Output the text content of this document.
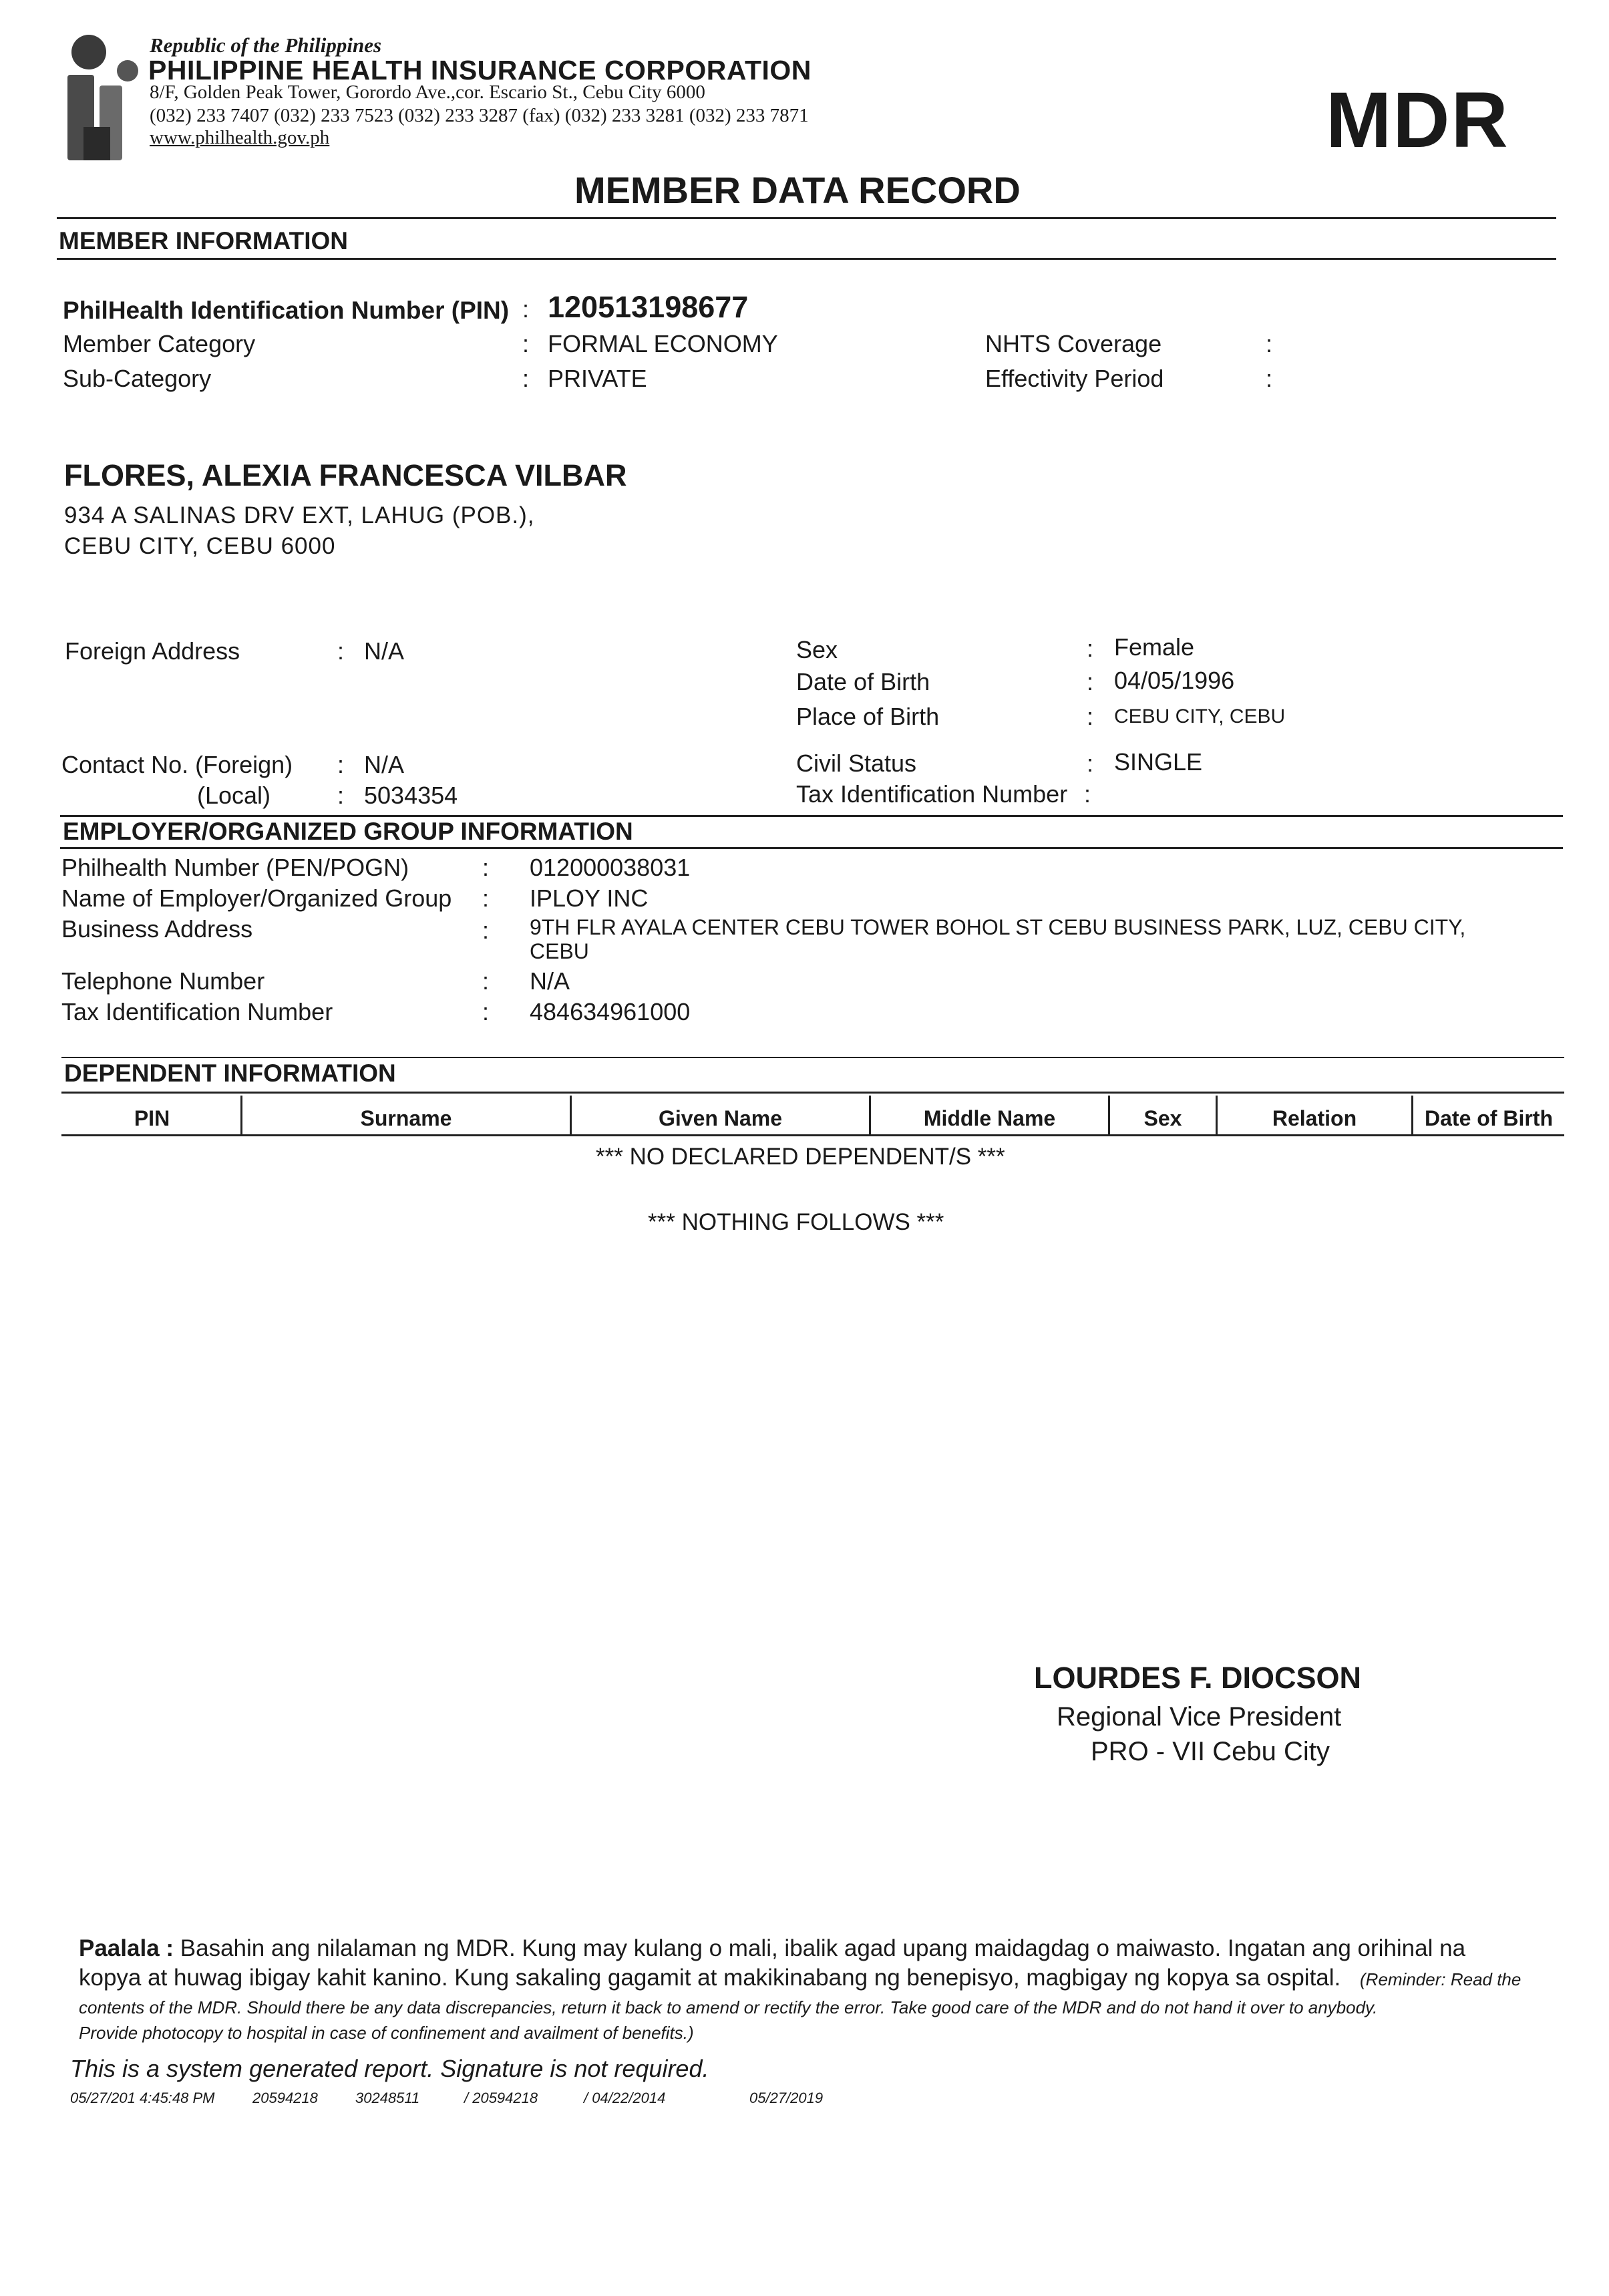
Republic of the Philippines
PHILIPPINE HEALTH INSURANCE CORPORATION
8/F, Golden Peak Tower, Gorordo Ave.,cor. Escario St., Cebu City 6000
(032) 233 7407 (032) 233 7523 (032) 233 3287 (fax) (032) 233 3281 (032) 233 7871
www.philhealth.gov.ph	MDR
MEMBER DATA RECORD
MEMBER INFORMATION
PhilHealth Identification Number (PIN) : 120513198677
Member Category	: FORMAL ECONOMY
Sub-Category	: PRIVATE
NHTS Coverage	:
Effectivity Period	:
FLORES, ALEXIA FRANCESCA VILBAR
934 A SALINAS DRV EXT, LAHUG (POB.),
CEBU CITY, CEBU 6000
Foreign Address	: N/A	Sex	: Female
Date of Birth	: 04/05/1996
Place of Birth	: CEBU CITY, CEBU
Contact No. (Foreign) : N/A
(Local)	: 5034354
Civil Status	: SINGLE
Tax Identification Number :
EMPLOYER/ORGANIZED GROUP INFORMATION
Philhealth Number (PEN/POGN)	: 012000038031
Name of Employer/Organized Group : IPLOY INC
Business Address	: 9TH FLR AYALA CENTER CEBU TOWER BOHOL ST CEBU BUSINESS PARK, LUZ, CEBU CITY,
CEBU
Telephone Number	: N/A
Tax Identification Number	: 484634961000
DEPENDENT INFORMATION
PIN	Surname	Given Name	Middle Name	Sex	Relation	Date of Birth
*** NO DECLARED DEPENDENT/S ***
*** NOTHING FOLLOWS ***
LOURDES F. DIOCSON
Regional Vice President
PRO - VII Cebu City
Paalala : Basahin ang nilalaman ng MDR. Kung may kulang o mali, ibalik agad upang maidagdag o maiwasto. Ingatan ang orihinal na
kopya at huwag ibigay kahit kanino. Kung sakaling gagamit at makikinabang ng benepisyo, magbigay ng kopya sa ospital. (Reminder: Read the
contents of the MDR. Should there be any data discrepancies, return it back to amend or rectify the error. Take good care of the MDR and do not hand it over to anybody.
Provide photocopy to hospital in case of confinement and availment of benefits.)
This is a system generated report. Signature is not required.
05/27/201 4:45:48 PM	20594218	30248511	/ 20594218	/ 04/22/2014	05/27/2019
